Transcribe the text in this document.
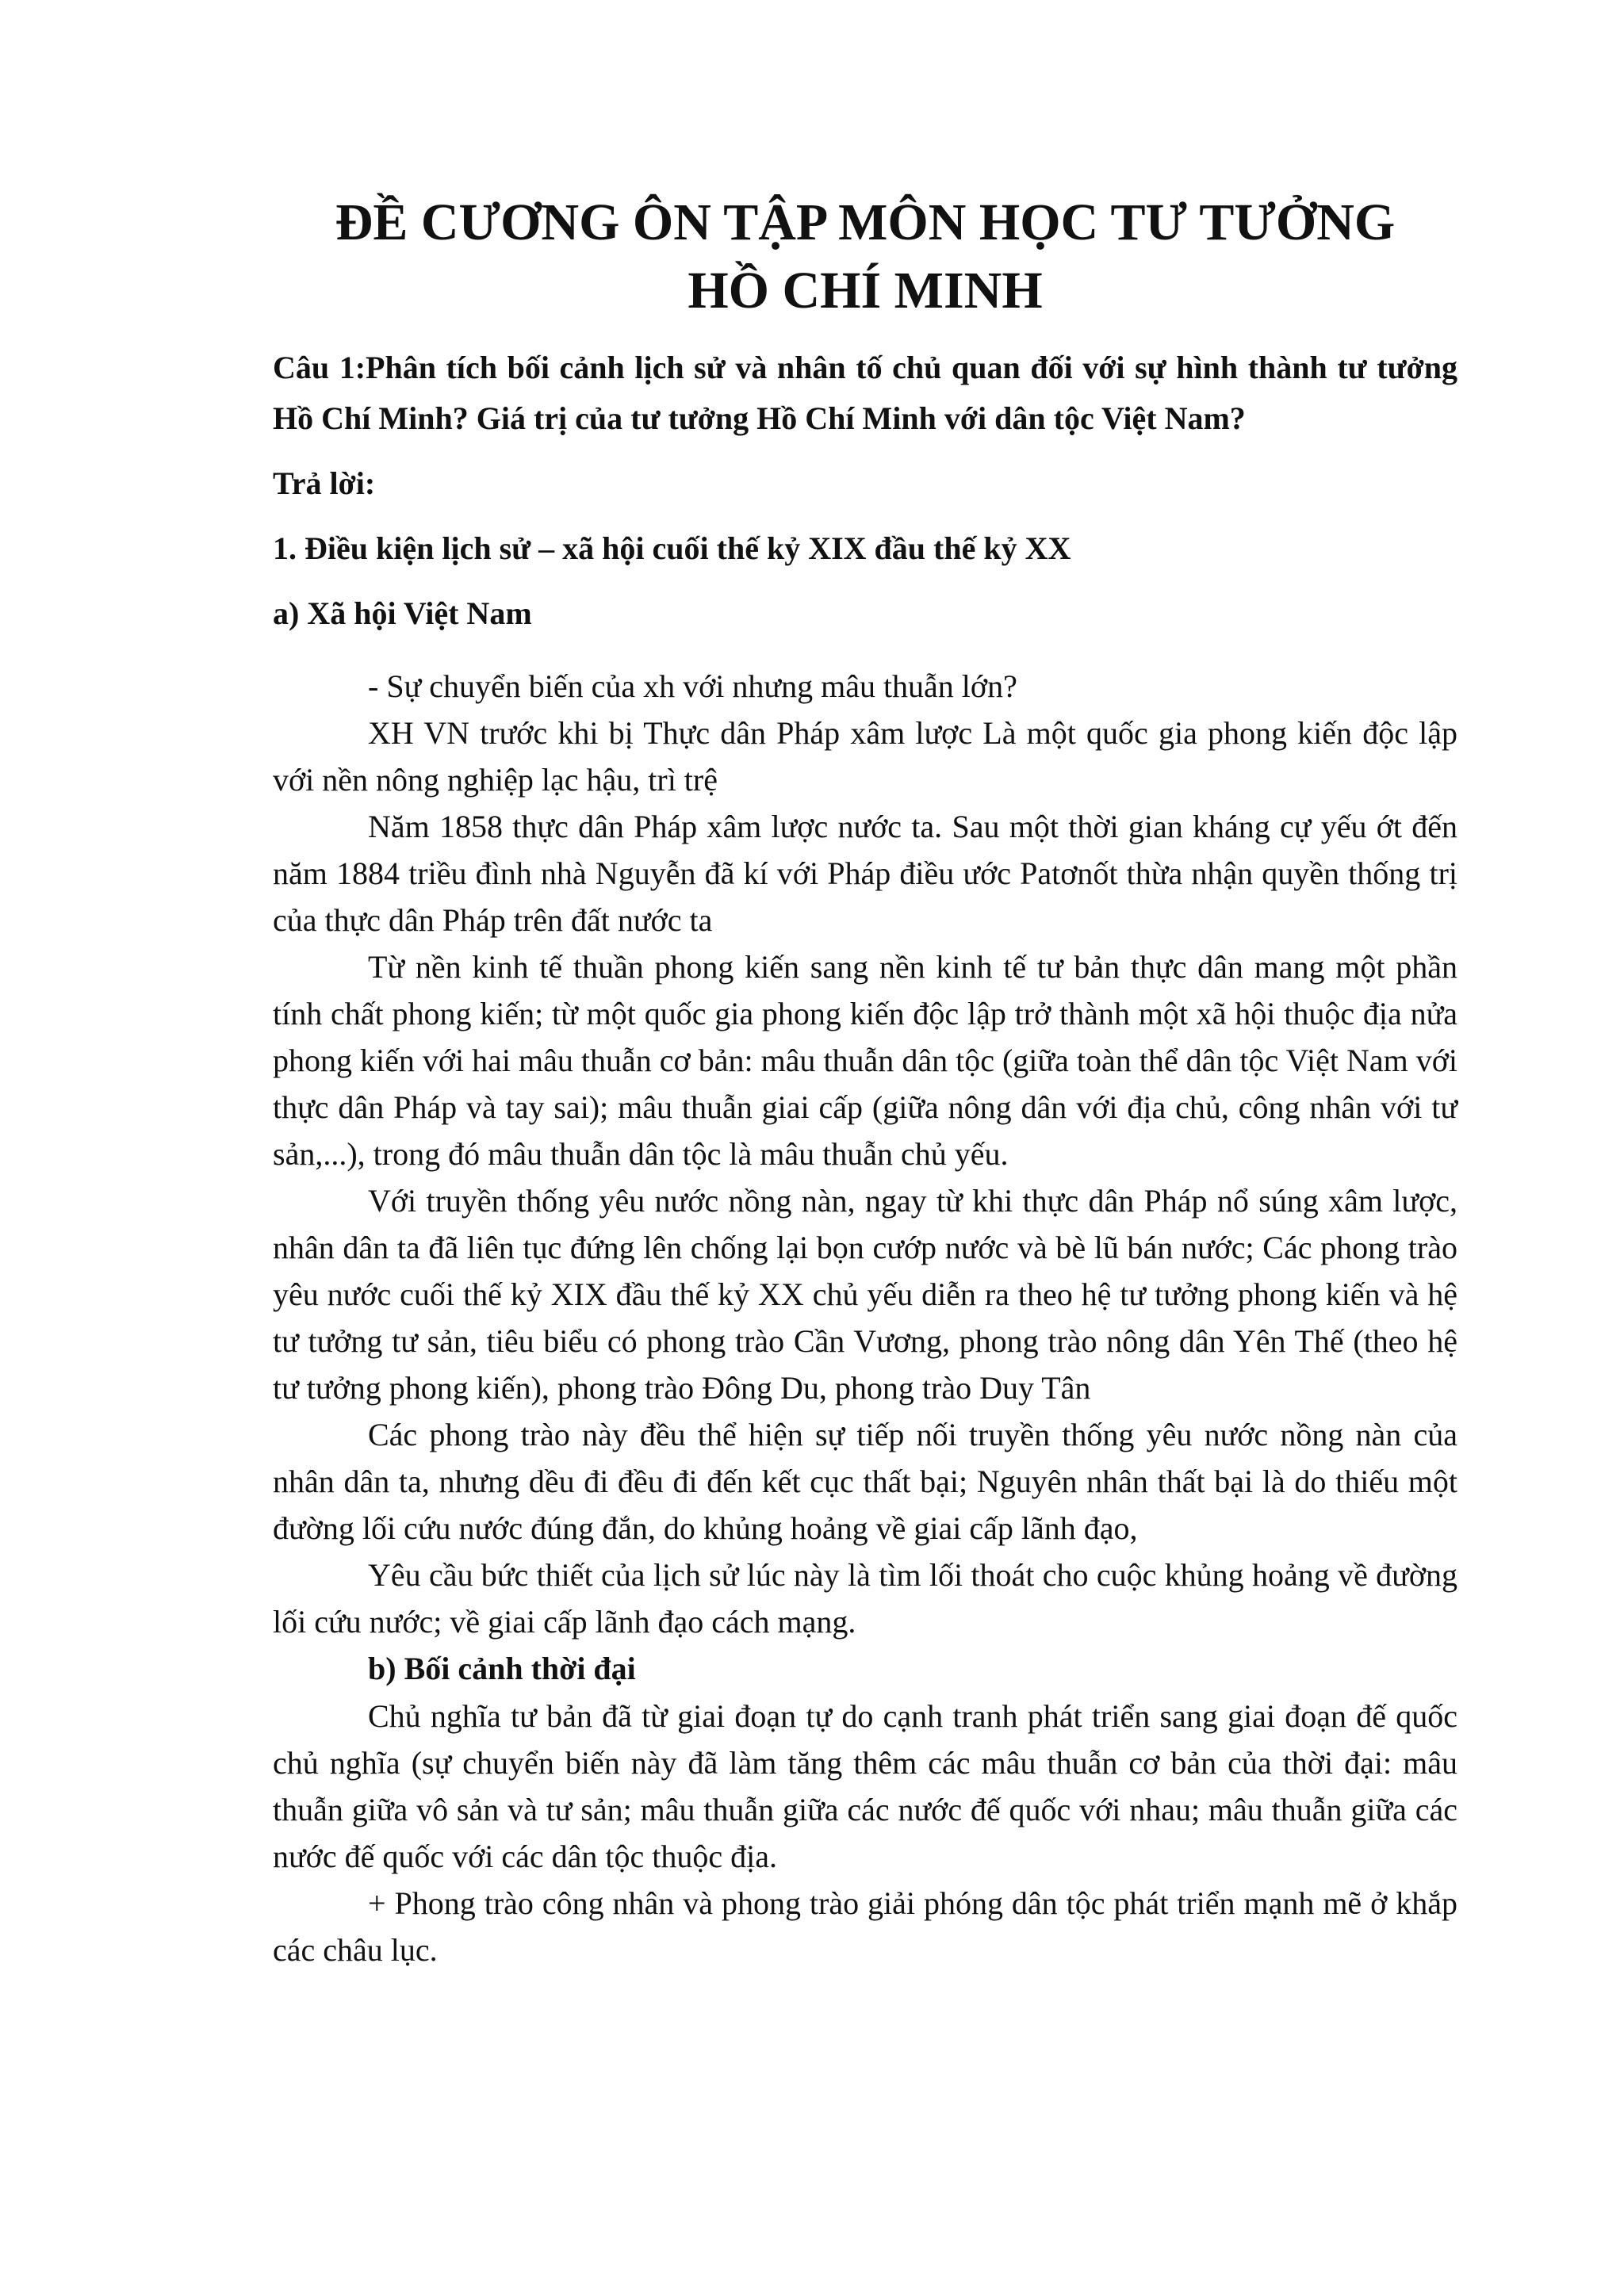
ĐỀ CƯƠNG ÔN TẬP MÔN HỌC TƯ TƯỞNG
HỒ CHÍ MINH
Câu 1:Phân tích bối cảnh lịch sử và nhân tố chủ quan đối với sự hình thành tư tưởng Hồ Chí Minh? Giá trị của tư tưởng Hồ Chí Minh với dân tộc Việt Nam?
Trả lời:
1. Điều kiện lịch sử – xã hội cuối thế kỷ XIX đầu thế kỷ XX
a) Xã hội Việt Nam

- Sự chuyển biến của xh với nhưng mâu thuẫn lớn?

XH VN trước khi bị Thực dân Pháp xâm lược Là một quốc gia phong kiến độc lập với nền nông nghiệp lạc hậu, trì trệ

Năm 1858 thực dân Pháp xâm lược nước ta. Sau một thời gian kháng cự yếu ớt đến năm 1884 triều đình nhà Nguyễn đã kí với Pháp điều ước Patơnốt thừa nhận quyền thống trị của thực dân Pháp trên đất nước ta

Từ nền kinh tế thuần phong kiến sang nền kinh tế tư bản thực dân mang một phần tính chất phong kiến; từ một quốc gia phong kiến độc lập trở thành một xã hội thuộc địa nửa phong kiến với hai mâu thuẫn cơ bản: mâu thuẫn dân tộc (giữa toàn thể dân tộc Việt Nam với thực dân Pháp và tay sai); mâu thuẫn giai cấp (giữa nông dân với địa chủ, công nhân với tư sản,...), trong đó mâu thuẫn dân tộc là mâu thuẫn chủ yếu.

Với truyền thống yêu nước nồng nàn, ngay từ khi thực dân Pháp nổ súng xâm lược, nhân dân ta đã liên tục đứng lên chống lại bọn cướp nước và bè lũ bán nước; Các phong trào yêu nước cuối thế kỷ XIX đầu thế kỷ XX chủ yếu diễn ra theo hệ tư tưởng phong kiến và hệ tư tưởng tư sản, tiêu biểu có phong trào Cần Vương, phong trào nông dân Yên Thế (theo hệ tư tưởng phong kiến), phong trào Đông Du, phong trào Duy Tân

Các phong trào này đều thể hiện sự tiếp nối truyền thống yêu nước nồng nàn của nhân dân ta, nhưng dều đi đều đi đến kết cục thất bại; Nguyên nhân thất bại là do thiếu một đường lối cứu nước đúng đắn, do khủng hoảng về giai cấp lãnh đạo,

Yêu cầu bức thiết của lịch sử lúc này là tìm lối thoát cho cuộc khủng hoảng về đường lối cứu nước; về giai cấp lãnh đạo cách mạng.

b) Bối cảnh thời đại

Chủ nghĩa tư bản đã từ giai đoạn tự do cạnh tranh phát triển sang giai đoạn đế quốc chủ nghĩa (sự chuyển biến này đã làm tăng thêm các mâu thuẫn cơ bản của thời đại: mâu thuẫn giữa vô sản và tư sản; mâu thuẫn giữa các nước đế quốc với nhau; mâu thuẫn giữa các nước đế quốc với các dân tộc thuộc địa.

+ Phong trào công nhân và phong trào giải phóng dân tộc phát triển mạnh mẽ ở khắp các châu lục.
